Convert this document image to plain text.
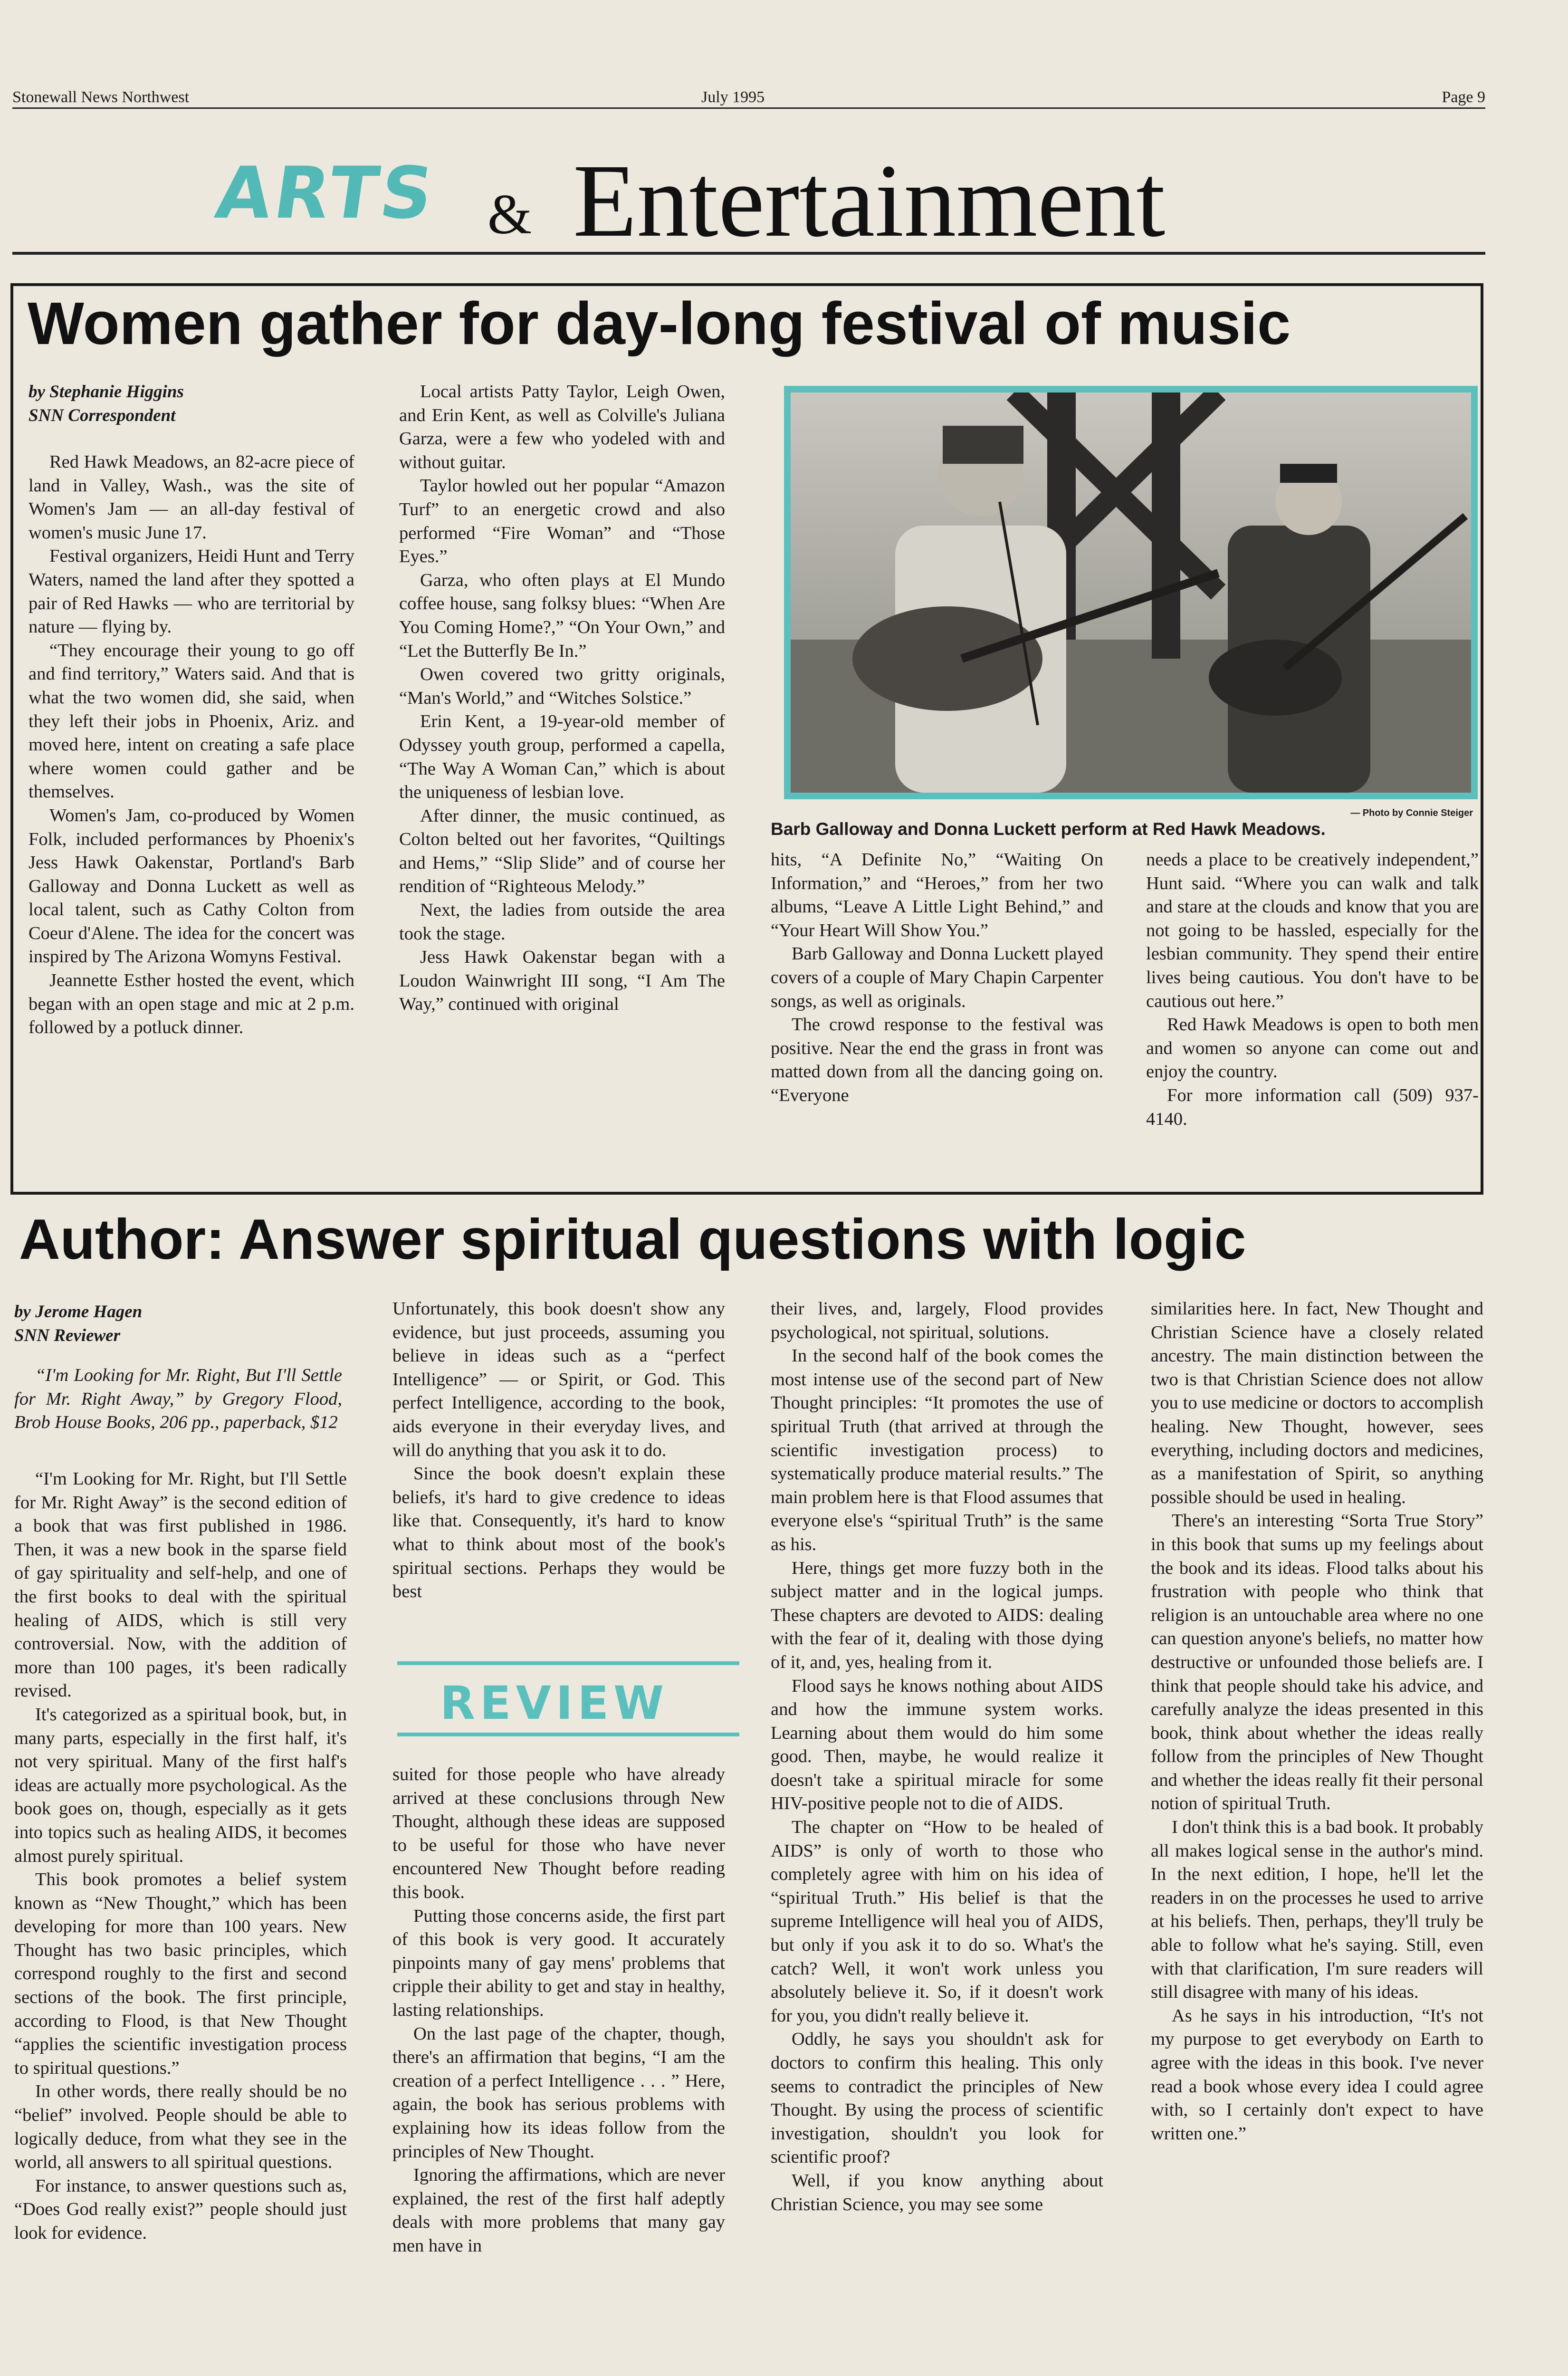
Stonewall News Northwest	July 1995	Page 9
ARTS & Entertainment
Women gather for day-long festival of music
by Stephanie Higgins
SNN Correspondent

Red Hawk Meadows, an 82-acre piece of land in Valley, Wash., was the site of Women's Jam — an all-day festival of women's music June 17.

Festival organizers, Heidi Hunt and Terry Waters, named the land after they spotted a pair of Red Hawks — who are territorial by nature — flying by.

“They encourage their young to go off and find territory,” Waters said. And that is what the two women did, she said, when they left their jobs in Phoenix, Ariz. and moved here, intent on creating a safe place where women could gather and be themselves.

Women's Jam, co-produced by Women Folk, included performances by Phoenix's Jess Hawk Oakenstar, Portland's Barb Galloway and Donna Luckett as well as local talent, such as Cathy Colton from Coeur d'Alene. The idea for the concert was inspired by The Arizona Womyns Festival.

Jeannette Esther hosted the event, which began with an open stage and mic at 2 p.m. followed by a potluck dinner.

Local artists Patty Taylor, Leigh Owen, and Erin Kent, as well as Colville's Juliana Garza, were a few who yodeled with and without guitar.

Taylor howled out her popular “Amazon Turf” to an energetic crowd and also performed “Fire Woman” and “Those Eyes.”

Garza, who often plays at El Mundo coffee house, sang folksy blues: “When Are You Coming Home?,” “On Your Own,” and “Let the Butterfly Be In.”

Owen covered two gritty originals, “Man's World,” and “Witches Solstice.”

Erin Kent, a 19-year-old member of Odyssey youth group, performed a capella, “The Way A Woman Can,” which is about the uniqueness of lesbian love.

After dinner, the music continued, as Colton belted out her favorites, “Quiltings and Hems,” “Slip Slide” and of course her rendition of “Righteous Melody.”

Next, the ladies from outside the area took the stage.

Jess Hawk Oakenstar began with a Loudon Wainwright III song, “I Am The Way,” continued with original

— Photo by Connie Steiger
Barb Galloway and Donna Luckett perform at Red Hawk Meadows.

hits, “A Definite No,” “Waiting On Information,” and “Heroes,” from her two albums, “Leave A Little Light Behind,” and “Your Heart Will Show You.”

Barb Galloway and Donna Luckett played covers of a couple of Mary Chapin Carpenter songs, as well as originals.

The crowd response to the festival was positive. Near the end the grass in front was matted down from all the dancing going on. “Everyone

needs a place to be creatively independent,” Hunt said. “Where you can walk and talk and stare at the clouds and know that you are not going to be hassled, especially for the lesbian community. They spend their entire lives being cautious. You don't have to be cautious out here.”

Red Hawk Meadows is open to both men and women so anyone can come out and enjoy the country.

For more information call (509) 937-4140.

Author: Answer spiritual questions with logic
by Jerome Hagen
SNN Reviewer

“I'm Looking for Mr. Right, But I'll Settle for Mr. Right Away,” by Gregory Flood, Brob House Books, 206 pp., paperback, $12

“I'm Looking for Mr. Right, but I'll Settle for Mr. Right Away” is the second edition of a book that was first published in 1986. Then, it was a new book in the sparse field of gay spirituality and self-help, and one of the first books to deal with the spiritual healing of AIDS, which is still very controversial. Now, with the addition of more than 100 pages, it's been radically revised.

It's categorized as a spiritual book, but, in many parts, especially in the first half, it's not very spiritual. Many of the first half's ideas are actually more psychological. As the book goes on, though, especially as it gets into topics such as healing AIDS, it becomes almost purely spiritual.

This book promotes a belief system known as “New Thought,” which has been developing for more than 100 years. New Thought has two basic principles, which correspond roughly to the first and second sections of the book. The first principle, according to Flood, is that New Thought “applies the scientific investigation process to spiritual questions.”

In other words, there really should be no “belief” involved. People should be able to logically deduce, from what they see in the world, all answers to all spiritual questions.

For instance, to answer questions such as, “Does God really exist?” people should just look for evidence.

Unfortunately, this book doesn't show any evidence, but just proceeds, assuming you believe in ideas such as a “perfect Intelligence” — or Spirit, or God. This perfect Intelligence, according to the book, aids everyone in their everyday lives, and will do anything that you ask it to do.

Since the book doesn't explain these beliefs, it's hard to give credence to ideas like that. Consequently, it's hard to know what to think about most of the book's spiritual sections. Perhaps they would be best

REVIEW

suited for those people who have already arrived at these conclusions through New Thought, although these ideas are supposed to be useful for those who have never encountered New Thought before reading this book.

Putting those concerns aside, the first part of this book is very good. It accurately pinpoints many of gay mens' problems that cripple their ability to get and stay in healthy, lasting relationships.

On the last page of the chapter, though, there's an affirmation that begins, “I am the creation of a perfect Intelligence . . . ” Here, again, the book has serious problems with explaining how its ideas follow from the principles of New Thought.

Ignoring the affirmations, which are never explained, the rest of the first half adeptly deals with more problems that many gay men have in

their lives, and, largely, Flood provides psychological, not spiritual, solutions.

In the second half of the book comes the most intense use of the second part of New Thought principles: “It promotes the use of spiritual Truth (that arrived at through the scientific investigation process) to systematically produce material results.” The main problem here is that Flood assumes that everyone else's “spiritual Truth” is the same as his.

Here, things get more fuzzy both in the subject matter and in the logical jumps. These chapters are devoted to AIDS: dealing with the fear of it, dealing with those dying of it, and, yes, healing from it.

Flood says he knows nothing about AIDS and how the immune system works. Learning about them would do him some good. Then, maybe, he would realize it doesn't take a spiritual miracle for some HIV-positive people not to die of AIDS.

The chapter on “How to be healed of AIDS” is only of worth to those who completely agree with him on his idea of “spiritual Truth.” His belief is that the supreme Intelligence will heal you of AIDS, but only if you ask it to do so. What's the catch? Well, it won't work unless you absolutely believe it. So, if it doesn't work for you, you didn't really believe it.

Oddly, he says you shouldn't ask for doctors to confirm this healing. This only seems to contradict the principles of New Thought. By using the process of scientific investigation, shouldn't you look for scientific proof?

Well, if you know anything about Christian Science, you may see some

similarities here. In fact, New Thought and Christian Science have a closely related ancestry. The main distinction between the two is that Christian Science does not allow you to use medicine or doctors to accomplish healing. New Thought, however, sees everything, including doctors and medicines, as a manifestation of Spirit, so anything possible should be used in healing.

There's an interesting “Sorta True Story” in this book that sums up my feelings about the book and its ideas. Flood talks about his frustration with people who think that religion is an untouchable area where no one can question anyone's beliefs, no matter how destructive or unfounded those beliefs are. I think that people should take his advice, and carefully analyze the ideas presented in this book, think about whether the ideas really follow from the principles of New Thought and whether the ideas really fit their personal notion of spiritual Truth.

I don't think this is a bad book. It probably all makes logical sense in the author's mind. In the next edition, I hope, he'll let the readers in on the processes he used to arrive at his beliefs. Then, perhaps, they'll truly be able to follow what he's saying. Still, even with that clarification, I'm sure readers will still disagree with many of his ideas.

As he says in his introduction, “It's not my purpose to get everybody on Earth to agree with the ideas in this book. I've never read a book whose every idea I could agree with, so I certainly don't expect to have written one.”
